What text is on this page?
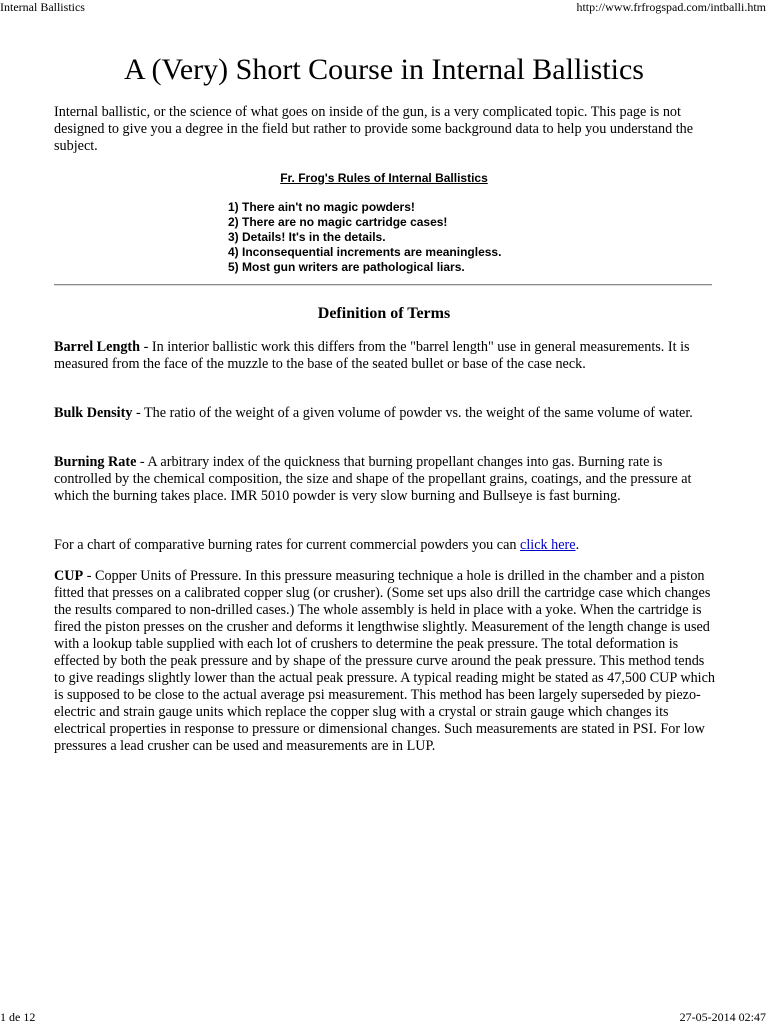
Internal Ballistics	http://www.frfrogspad.com/intballi.htm
A (Very) Short Course in Internal Ballistics

Internal ballistic, or the science of what goes on inside of the gun, is a very complicated topic. This page is not designed to give you a degree in the field but rather to provide some background data to help you understand the subject.

Fr. Frog's Rules of Internal Ballistics
1) There ain't no magic powders!
2) There are no magic cartridge cases!
3) Details! It's in the details.
4) Inconsequential increments are meaningless.
5) Most gun writers are pathological liars.
Definition of Terms

Barrel Length - In interior ballistic work this differs from the "barrel length" use in general measurements. It is measured from the face of the muzzle to the base of the seated bullet or base of the case neck.

Bulk Density - The ratio of the weight of a given volume of powder vs. the weight of the same volume of water.

Burning Rate - A arbitrary index of the quickness that burning propellant changes into gas. Burning rate is controlled by the chemical composition, the size and shape of the propellant grains, coatings, and the pressure at which the burning takes place. IMR 5010 powder is very slow burning and Bullseye is fast burning.

For a chart of comparative burning rates for current commercial powders you can click here.

CUP - Copper Units of Pressure. In this pressure measuring technique a hole is drilled in the chamber and a piston fitted that presses on a calibrated copper slug (or crusher). (Some set ups also drill the cartridge case which changes the results compared to non-drilled cases.) The whole assembly is held in place with a yoke. When the cartridge is fired the piston presses on the crusher and deforms it lengthwise slightly. Measurement of the length change is used with a lookup table supplied with each lot of crushers to determine the peak pressure. The total deformation is effected by both the peak pressure and by shape of the pressure curve around the peak pressure. This method tends to give readings slightly lower than the actual peak pressure. A typical reading might be stated as 47,500 CUP which is supposed to be close to the actual average psi measurement. This method has been largely superseded by piezo-electric and strain gauge units which replace the copper slug with a crystal or strain gauge which changes its electrical properties in response to pressure or dimensional changes. Such measurements are stated in PSI. For low pressures a lead crusher can be used and measurements are in LUP.

1 de 12	27-05-2014 02:47
